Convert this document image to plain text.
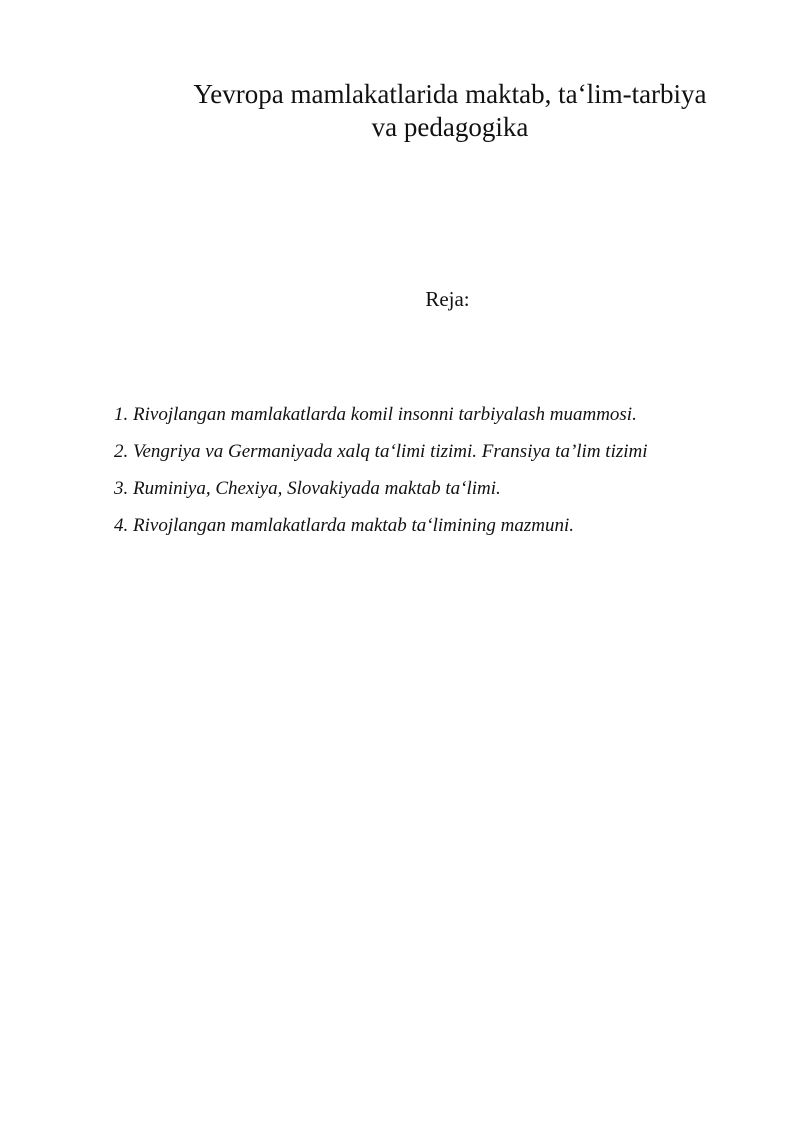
Yevropa mamlakatlarida maktab, ta‘lim-tarbiya
va pedagogika
Reja:
1. Rivojlangan mamlakatlarda komil insonni tarbiyalash muammosi.
2. Vengriya va Germaniyada xalq ta‘limi tizimi. Fransiya ta’lim tizimi
3. Ruminiya, Chexiya, Slovakiyada maktab ta‘limi.
4. Rivojlangan mamlakatlarda maktab ta‘limining mazmuni.
